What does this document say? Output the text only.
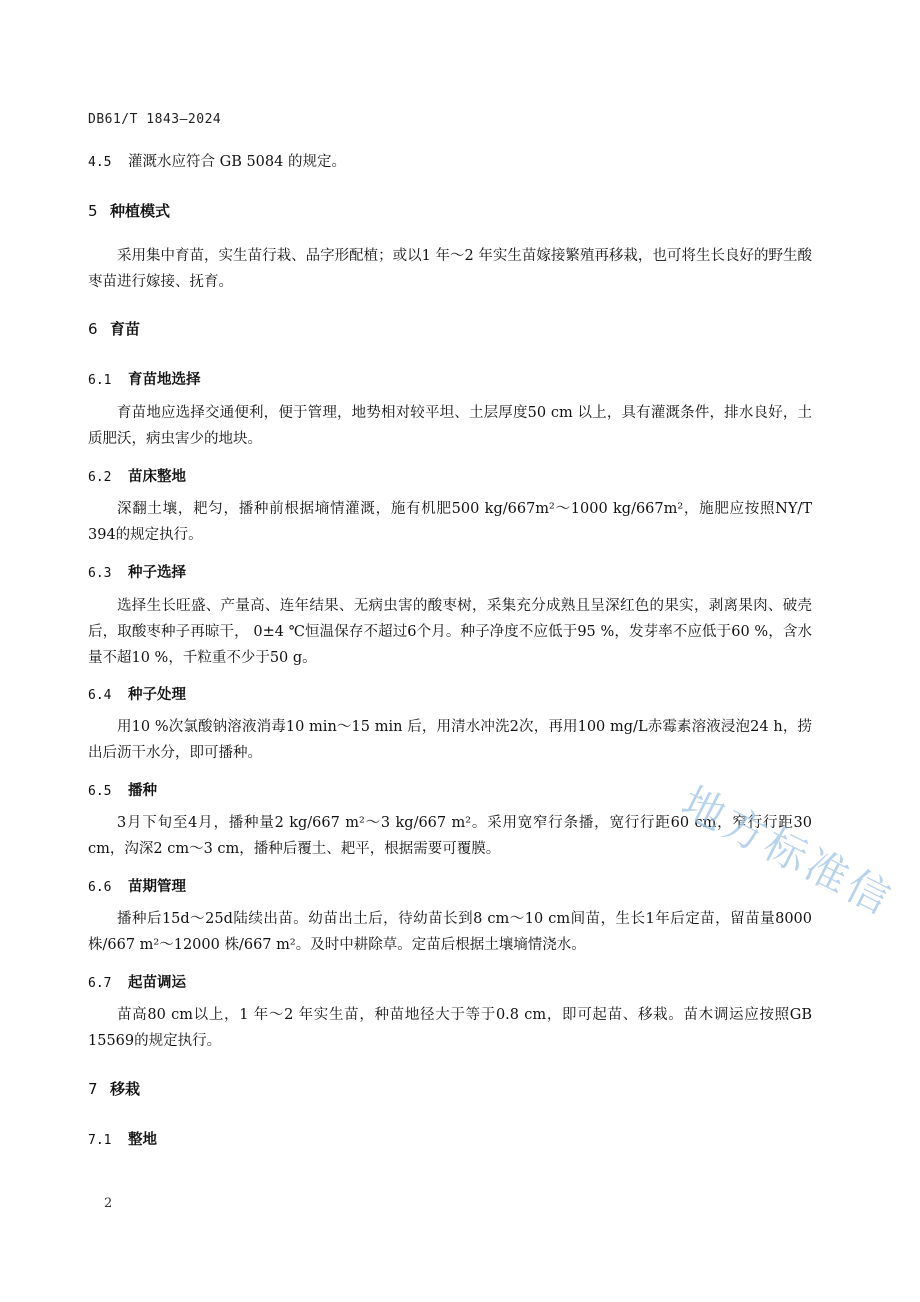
DB61/T 1843—2024
4.5 灌溉水应符合 GB 5084 的规定。
5 种植模式
采用集中育苗，实生苗行栽、品字形配植；或以1 年～2 年实生苗嫁接繁殖再移栽，也可将生长良好的野生酸枣苗进行嫁接、抚育。
6 育苗
6.1 育苗地选择
育苗地应选择交通便利，便于管理，地势相对较平坦、土层厚度50 cm 以上，具有灌溉条件，排水良好，土质肥沃，病虫害少的地块。
6.2 苗床整地
深翻土壤，耙匀，播种前根据墒情灌溉，施有机肥500 kg/667m²～1000 kg/667m²，施肥应按照NY/T 394的规定执行。
6.3 种子选择
选择生长旺盛、产量高、连年结果、无病虫害的酸枣树，采集充分成熟且呈深红色的果实，剥离果肉、破壳后，取酸枣种子再晾干， 0±4 ℃恒温保存不超过6个月。种子净度不应低于95 %，发芽率不应低于60 %，含水量不超10 %，千粒重不少于50 g。
6.4 种子处理
用10 %次氯酸钠溶液消毒10 min～15 min 后，用清水冲洗2次，再用100 mg/L赤霉素溶液浸泡24 h，捞出后沥干水分，即可播种。
6.5 播种
3月下旬至4月，播种量2 kg/667 m²～3 kg/667 m²。采用宽窄行条播，宽行行距60 cm，窄行行距30 cm，沟深2 cm～3 cm，播种后覆土、耙平，根据需要可覆膜。
6.6 苗期管理
播种后15d～25d陆续出苗。幼苗出土后，待幼苗长到8 cm～10 cm间苗，生长1年后定苗，留苗量8000株/667 m²～12000 株/667 m²。及时中耕除草。定苗后根据土壤墒情浇水。
6.7 起苗调运
苗高80 cm以上，1 年～2 年实生苗，种苗地径大于等于0.8 cm，即可起苗、移栽。苗木调运应按照GB 15569的规定执行。
7 移栽
7.1 整地
2
地方标准信
